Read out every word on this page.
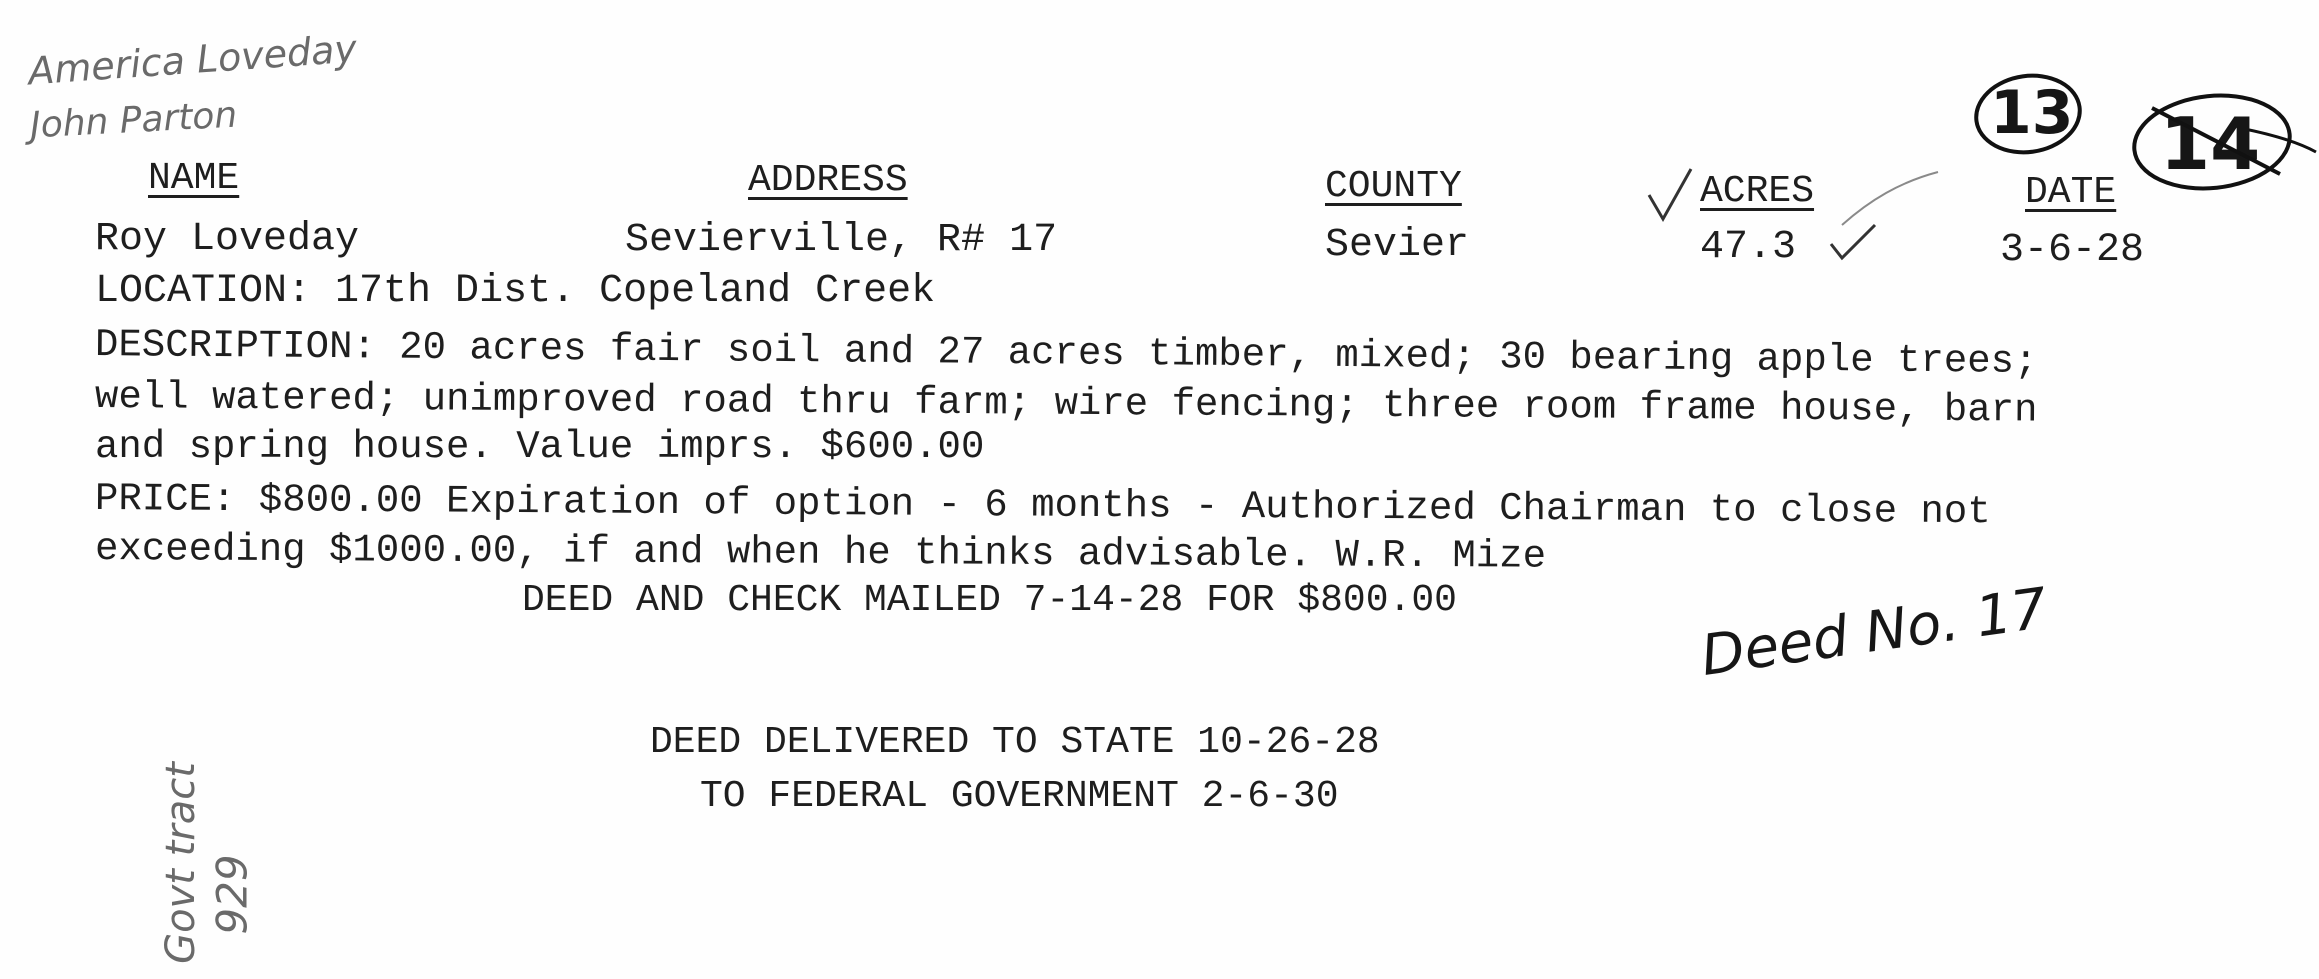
America Loveday
John Parton	13 14
NAME	ADDRESS	COUNTY	ACRES	DATE
Roy Loveday	Sevierville, R# 17	Sevier	47.3	3-6-28
LOCATION: 17th Dist. Copeland Creek
DESCRIPTION: 20 acres fair soil and 27 acres timber, mixed; 30 bearing apple trees;
well watered; unimproved road thru farm; wire fencing; three room frame house, barn
and spring house. Value imprs. $600.00
PRICE: $800.00 Expiration of option - 6 months - Authorized Chairman to close not
exceeding $1000.00, if and when he thinks advisable. W.R. Mize
DEED AND CHECK MAILED 7-14-28 FOR $800.00	Deed No. 17
DEED DELIVERED TO STATE 10-26-28
TO FEDERAL GOVERNMENT 2-6-30
Govt tract 929
